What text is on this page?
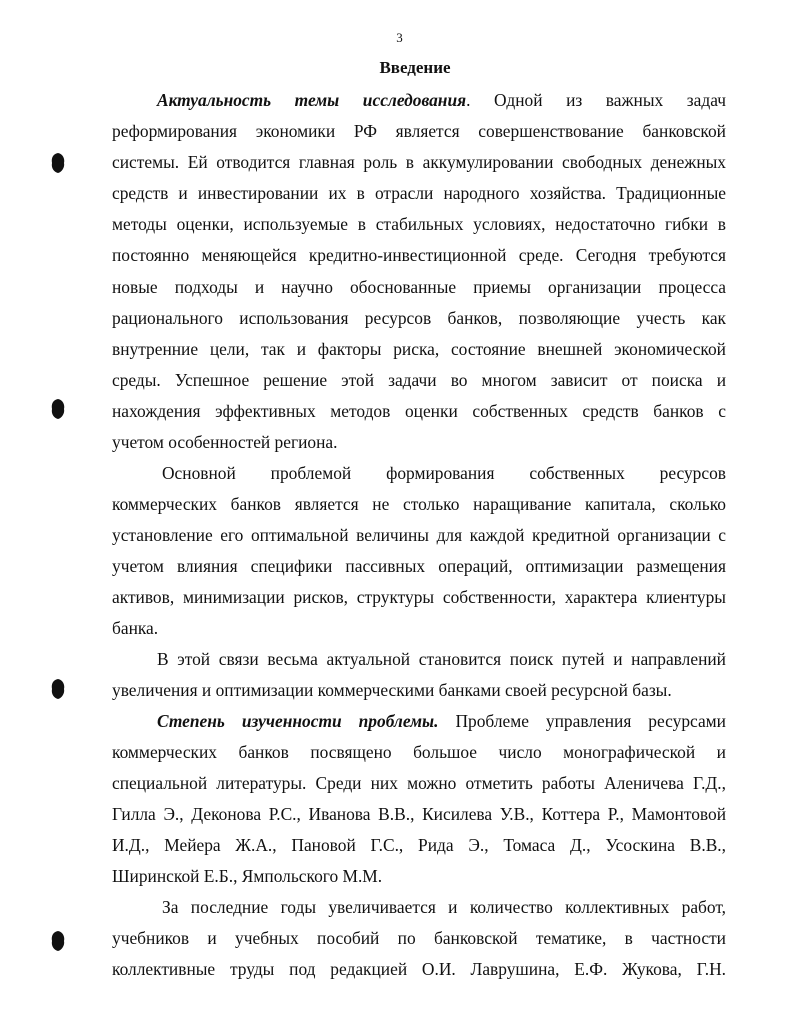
3
Введение
Актуальность темы исследования. Одной из важных задач
реформирования экономики РФ является совершенствование банковской
системы. Ей отводится главная роль в аккумулировании свободных денежных
средств и инвестировании их в отрасли народного хозяйства. Традиционные
методы оценки, используемые в стабильных условиях, недостаточно гибки в
постоянно меняющейся кредитно-инвестиционной среде. Сегодня требуются
новые подходы и научно обоснованные приемы организации процесса
рационального использования ресурсов банков, позволяющие учесть как
внутренние цели, так и факторы риска, состояние внешней экономической
среды. Успешное решение этой задачи во многом зависит от поиска и
нахождения эффективных методов оценки собственных средств банков с
учетом особенностей региона.
Основной проблемой формирования собственных ресурсов
коммерческих банков является не столько наращивание капитала, сколько
установление его оптимальной величины для каждой кредитной организации с
учетом влияния специфики пассивных операций, оптимизации размещения
активов, минимизации рисков, структуры собственности, характера клиентуры
банка.
В этой связи весьма актуальной становится поиск путей и направлений
увеличения и оптимизации коммерческими банками своей ресурсной базы.
Степень изученности проблемы. Проблеме управления ресурсами
коммерческих банков посвящено большое число монографической и
специальной литературы. Среди них можно отметить работы Аленичева Г.Д.,
Гилла Э., Деконова Р.С., Иванова В.В., Кисилева У.В., Коттера Р., Мамонтовой
И.Д., Мейера Ж.А., Пановой Г.С., Рида Э., Томаса Д., Усоскина В.В.,
Ширинской Е.Б., Ямпольского М.М.
За последние годы увеличивается и количество коллективных работ,
учебников и учебных пособий по банковской тематике, в частности
коллективные труды под редакцией О.И. Лаврушина, Е.Ф. Жукова, Г.Н.
